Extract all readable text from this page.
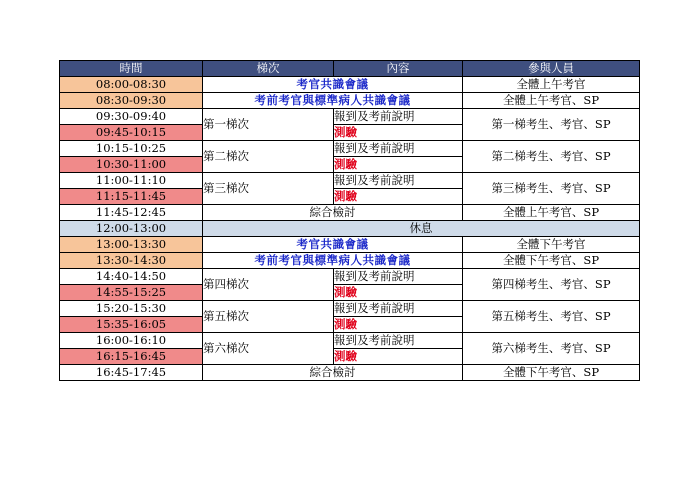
時間	梯次	內容	參與人員
08:00-08:30	考官共識會議		全體上午考官
08:30-09:30	考前考官與標準病人共識會議		全體上午考官、SP
09:30-09:40	第一梯次	報到及考前說明	第一梯考生、考官、SP
09:45-10:15		測驗	
10:15-10:25	第二梯次	報到及考前說明	第二梯考生、考官、SP
10:30-11:00		測驗	
11:00-11:10	第三梯次	報到及考前說明	第三梯考生、考官、SP
11:15-11:45		測驗	
11:45-12:45	綜合檢討		全體上午考官、SP
12:00-13:00	休息		
13:00-13:30	考官共識會議		全體下午考官
13:30-14:30	考前考官與標準病人共識會議		全體下午考官、SP
14:40-14:50	第四梯次	報到及考前說明	第四梯考生、考官、SP
14:55-15:25		測驗	
15:20-15:30	第五梯次	報到及考前說明	第五梯考生、考官、SP
15:35-16:05		測驗	
16:00-16:10	第六梯次	報到及考前說明	第六梯考生、考官、SP
16:15-16:45		測驗	
16:45-17:45	綜合檢討		全體下午考官、SP
